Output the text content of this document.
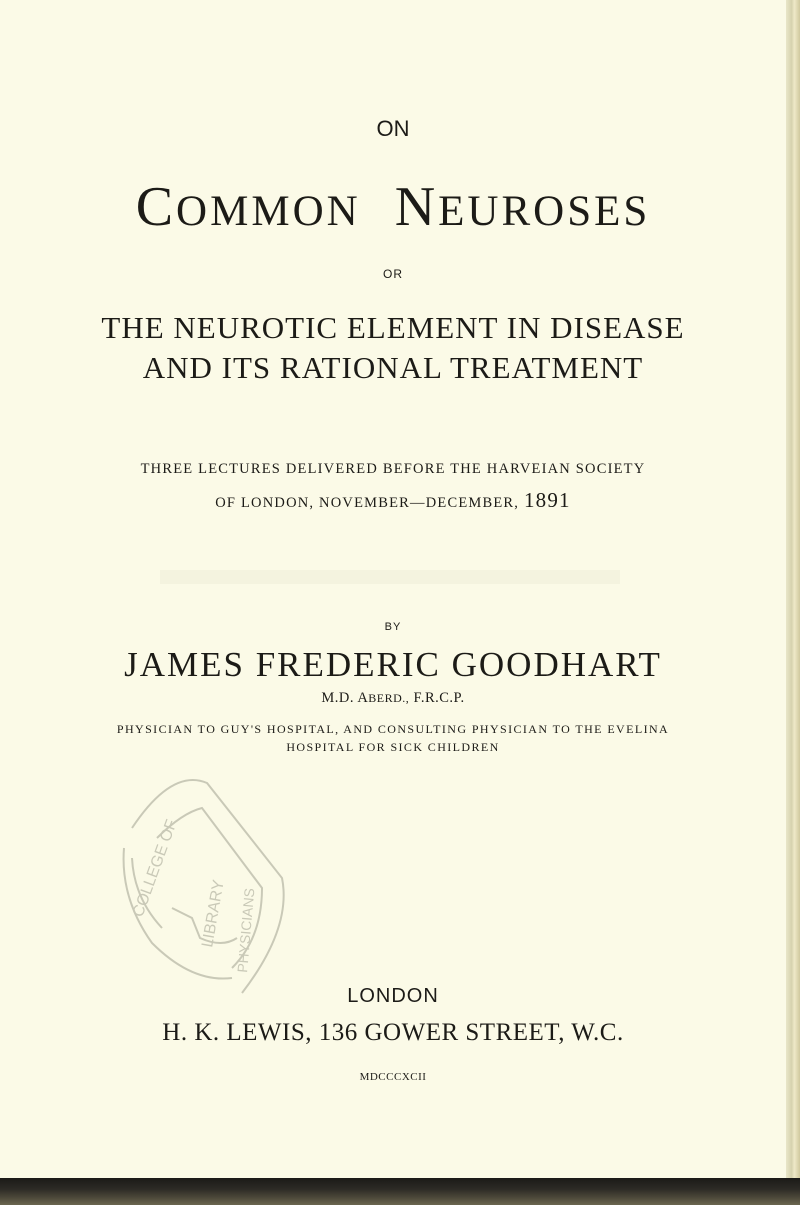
ON
COMMON NEUROSES
OR
THE NEUROTIC ELEMENT IN DISEASE
AND ITS RATIONAL TREATMENT
THREE LECTURES DELIVERED BEFORE THE HARVEIAN SOCIETY
OF LONDON, NOVEMBER—DECEMBER, 1891
BY
JAMES FREDERIC GOODHART
M.D. ABERD., F.R.C.P.
PHYSICIAN TO GUY'S HOSPITAL, AND CONSULTING PHYSICIAN TO THE EVELINA
HOSPITAL FOR SICK CHILDREN
COLLEGE OF LIBRARY PHYSICIANS
LONDON
H. K. LEWIS, 136 GOWER STREET, W.C.
MDCCCXCII
